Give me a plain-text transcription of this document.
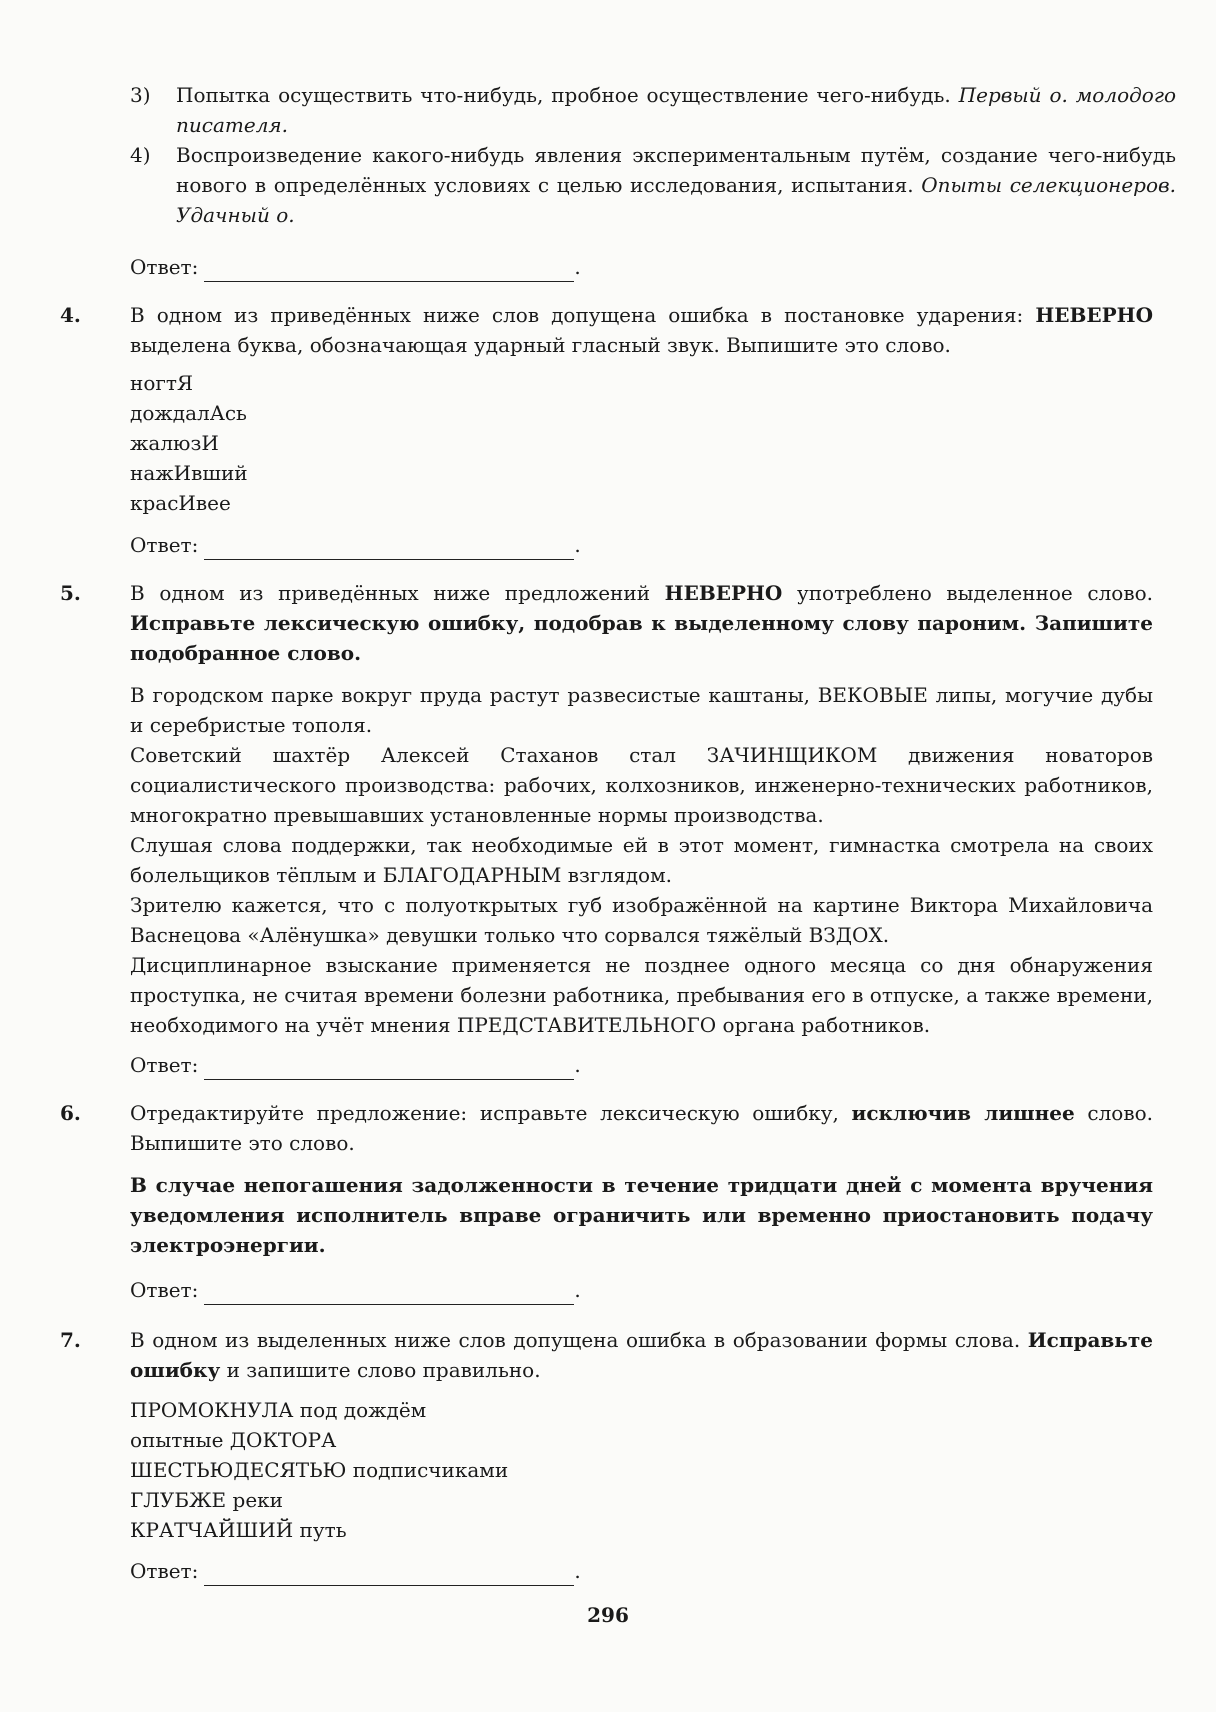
3) Попытка осуществить что-нибудь, пробное осуществление чего-нибудь. Первый о. молодого писателя.
4) Воспроизведение какого-нибудь явления экспериментальным путём, создание чего-нибудь нового в определённых условиях с целью исследования, испытания. Опыты селекционеров. Удачный о.
Ответ:	.
4. В одном из приведённых ниже слов допущена ошибка в постановке ударения: НЕВЕРНО выделена буква, обозначающая ударный гласный звук. Выпишите это слово.
ногтЯ
дождалАсь
жалюзИ
нажИвший
красИвее
Ответ:	.
5. В одном из приведённых ниже предложений НЕВЕРНО употреблено выделенное слово. Исправьте лексическую ошибку, подобрав к выделенному слову пароним. Запишите подобранное слово.
В городском парке вокруг пруда растут развесистые каштаны, ВЕКОВЫЕ липы, могучие дубы и серебристые тополя.
Советский шахтёр Алексей Стаханов стал ЗАЧИНЩИКОМ движения новаторов социалистического производства: рабочих, колхозников, инженерно-технических работников, многократно превышавших установленные нормы производства.
Слушая слова поддержки, так необходимые ей в этот момент, гимнастка смотрела на своих болельщиков тёплым и БЛАГОДАРНЫМ взглядом.
Зрителю кажется, что с полуоткрытых губ изображённой на картине Виктора Михайловича Васнецова «Алёнушка» девушки только что сорвался тяжёлый ВЗДОХ.
Дисциплинарное взыскание применяется не позднее одного месяца со дня обнаружения проступка, не считая времени болезни работника, пребывания его в отпуске, а также времени, необходимого на учёт мнения ПРЕДСТАВИТЕЛЬНОГО органа работников.
Ответ:	.
6. Отредактируйте предложение: исправьте лексическую ошибку, исключив лишнее слово. Выпишите это слово.
В случае непогашения задолженности в течение тридцати дней с момента вручения уведомления исполнитель вправе ограничить или временно приостановить подачу электроэнергии.
Ответ:	.
7. В одном из выделенных ниже слов допущена ошибка в образовании формы слова. Исправьте ошибку и запишите слово правильно.
ПРОМОКНУЛА под дождём
опытные ДОКТОРА
ШЕСТЬЮДЕСЯТЬЮ подписчиками
ГЛУБЖЕ реки
КРАТЧАЙШИЙ путь
Ответ:	.
296
